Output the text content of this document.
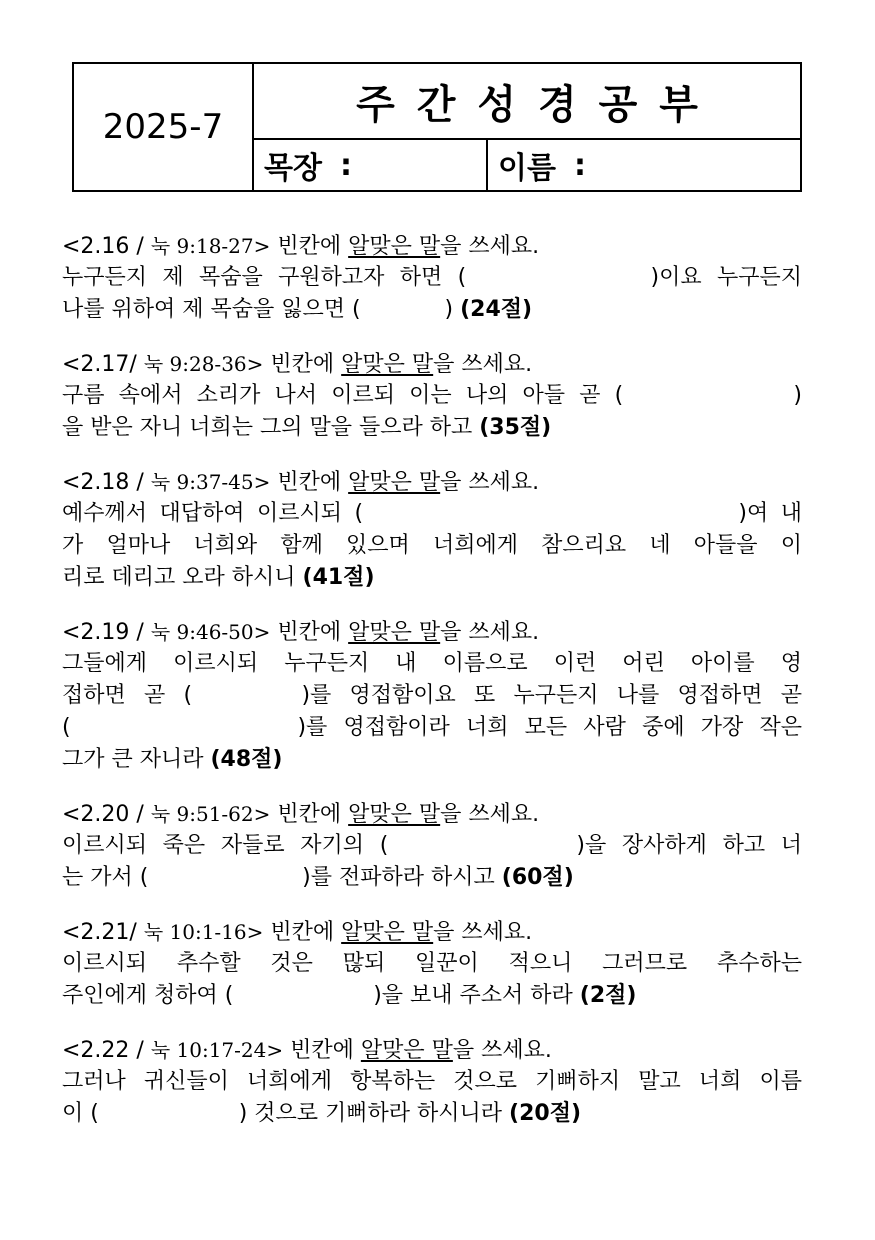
2025-7	주간성경공부
목장 :	이름 :
<2.16 / 눅 9:18-27> 빈칸에 알맞은 말을 쓰세요.
누구든지 제 목숨을 구원하고자 하면 (            )이요 누구든지
나를 위하여 제 목숨을 잃으면 (            ) (24절)
<2.17/ 눅 9:28-36> 빈칸에 알맞은 말을 쓰세요.
구름 속에서 소리가 나서 이르되 이는 나의 아들 곧 (            )
을 받은 자니 너희는 그의 말을 들으라 하고 (35절)
<2.18 / 눅 9:37-45> 빈칸에 알맞은 말을 쓰세요.
예수께서 대답하여 이르시되 (                              )여 내
가 얼마나 너희와 함께 있으며 너희에게 참으리요 네 아들을 이
리로 데리고 오라 하시니 (41절)
<2.19 / 눅 9:46-50> 빈칸에 알맞은 말을 쓰세요.
그들에게 이르시되 누구든지 내 이름으로 이런 어린 아이를 영
접하면 곧 (      )를 영접함이요 또 누구든지 나를 영접하면 곧
(              )를 영접함이라 너희 모든 사람 중에 가장 작은
그가 큰 자니라 (48절)
<2.20 / 눅 9:51-62> 빈칸에 알맞은 말을 쓰세요.
이르시되 죽은 자들로 자기의 (            )을 장사하게 하고 너
는 가서 (                      )를 전파하라 하시고 (60절)
<2.21/ 눅 10:1-16> 빈칸에 알맞은 말을 쓰세요.
이르시되 추수할 것은 많되 일꾼이 적으니 그러므로 추수하는
주인에게 청하여 (                    )을 보내 주소서 하라 (2절)
<2.22 / 눅 10:17-24> 빈칸에 알맞은 말을 쓰세요.
그러나 귀신들이 너희에게 항복하는 것으로 기뻐하지 말고 너희 이름
이 (                    ) 것으로 기뻐하라 하시니라 (20절)
